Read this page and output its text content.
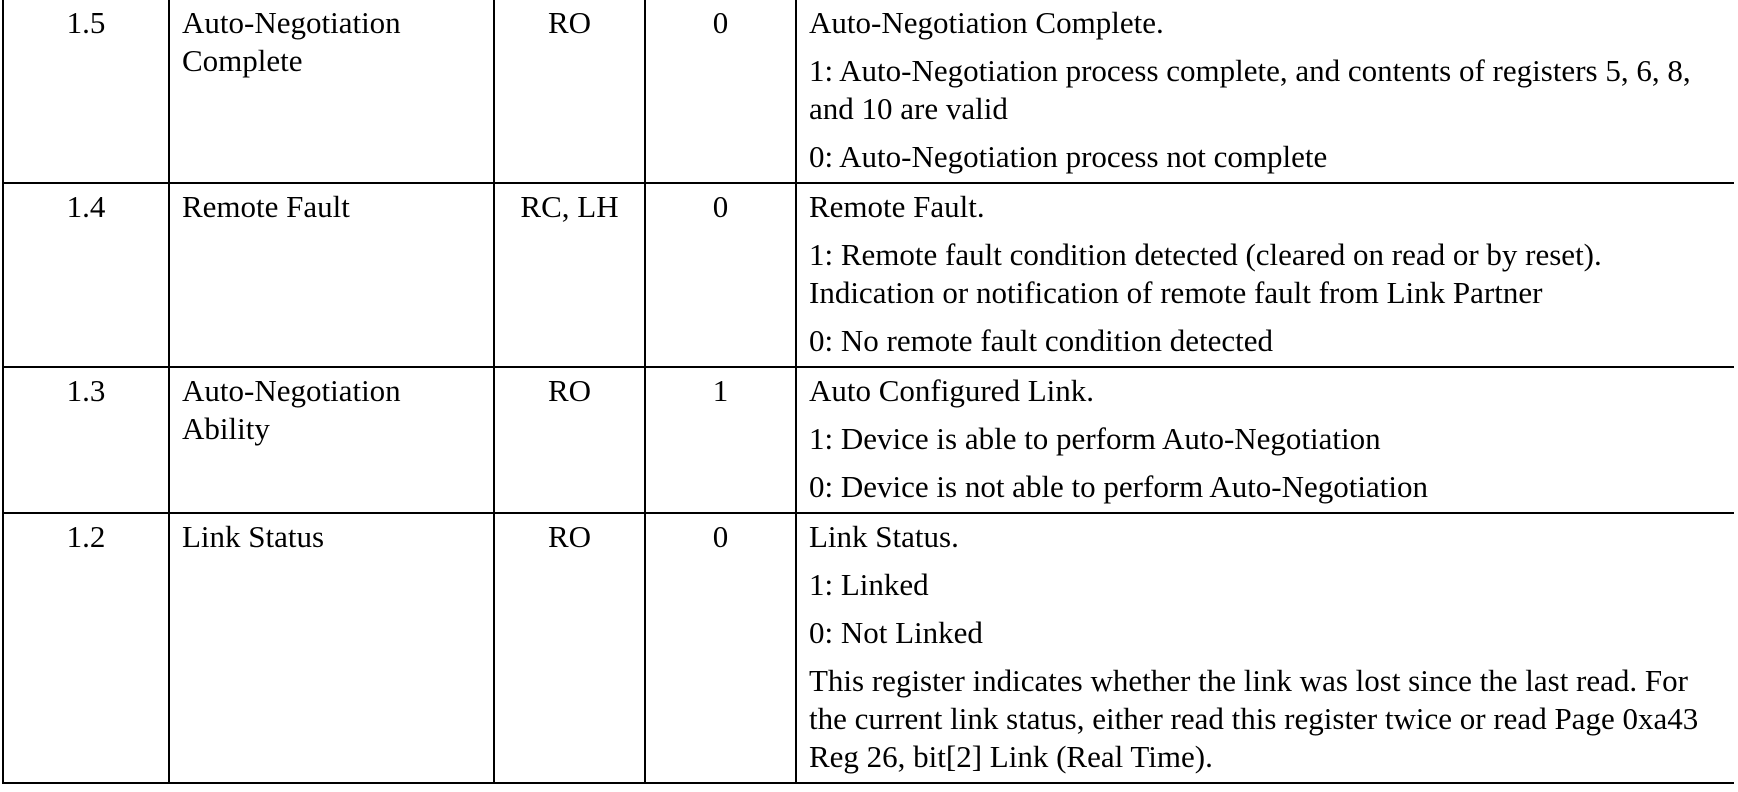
1.5	Auto-Negotiation Complete	RO	0	Auto-Negotiation Complete.
1: Auto-Negotiation process complete, and contents of registers 5, 6, 8, and 10 are valid
0: Auto-Negotiation process not complete

1.4	Remote Fault	RC, LH	0	Remote Fault.
1: Remote fault condition detected (cleared on read or by reset). Indication or notification of remote fault from Link Partner
0: No remote fault condition detected

1.3	Auto-Negotiation Ability	RO	1	Auto Configured Link.
1: Device is able to perform Auto-Negotiation
0: Device is not able to perform Auto-Negotiation

1.2	Link Status	RO	0	Link Status.
1: Linked
0: Not Linked
This register indicates whether the link was lost since the last read. For the current link status, either read this register twice or read Page 0xa43 Reg 26, bit[2] Link (Real Time).
